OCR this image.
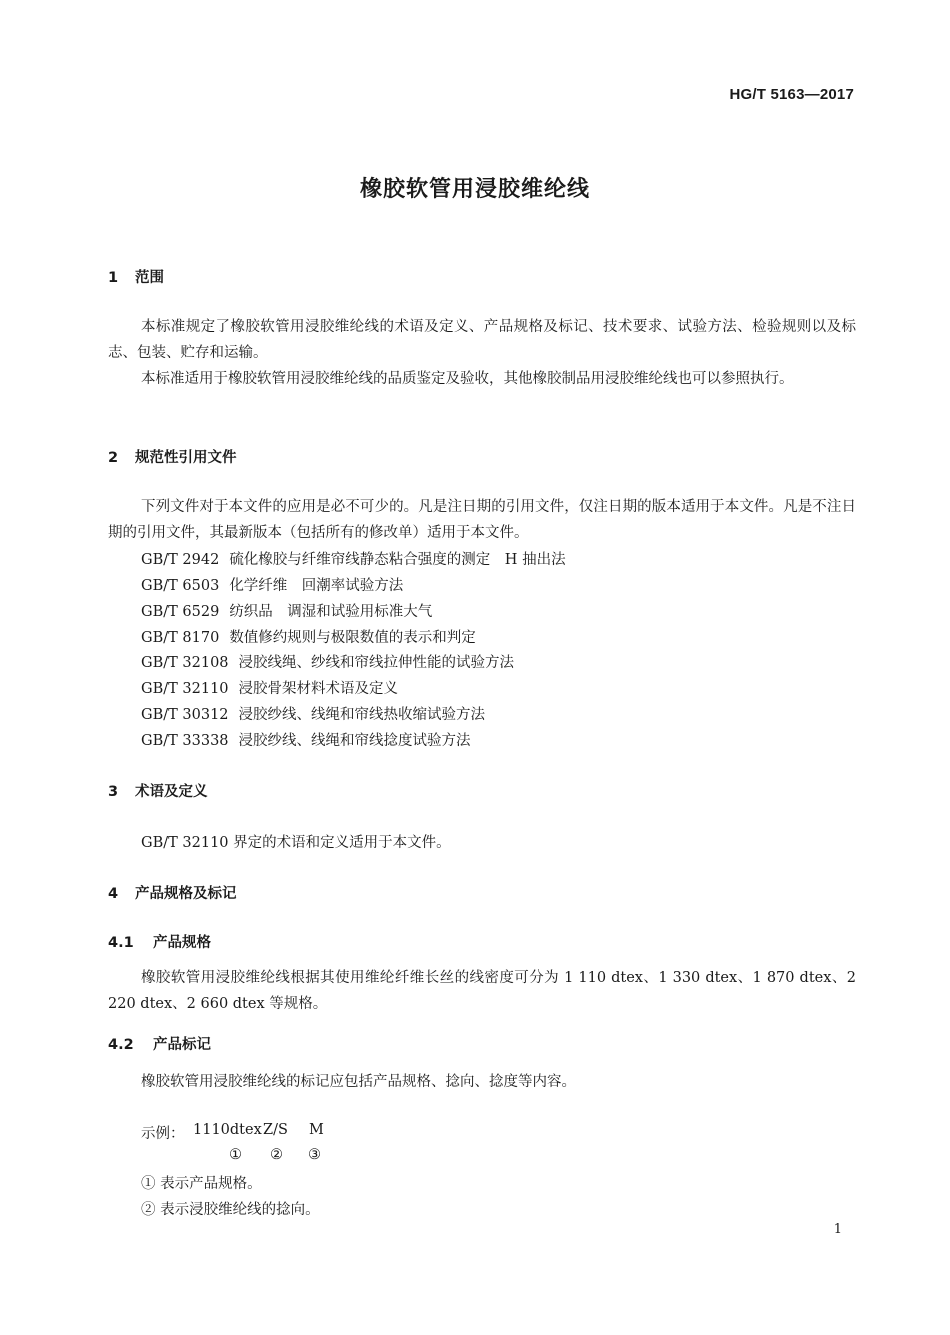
HG/T 5163—2017
橡胶软管用浸胶维纶线
1 范围
本标准规定了橡胶软管用浸胶维纶线的术语及定义、产品规格及标记、技术要求、试验方法、检验规则以及标志、包装、贮存和运输。
本标准适用于橡胶软管用浸胶维纶线的品质鉴定及验收，其他橡胶制品用浸胶维纶线也可以参照执行。
2 规范性引用文件
下列文件对于本文件的应用是必不可少的。凡是注日期的引用文件，仅注日期的版本适用于本文件。凡是不注日期的引用文件，其最新版本（包括所有的修改单）适用于本文件。
GB/T 2942 硫化橡胶与纤维帘线静态粘合强度的测定　H 抽出法
GB/T 6503 化学纤维　回潮率试验方法
GB/T 6529 纺织品　调湿和试验用标准大气
GB/T 8170 数值修约规则与极限数值的表示和判定
GB/T 32108 浸胶线绳、纱线和帘线拉伸性能的试验方法
GB/T 32110 浸胶骨架材料术语及定义
GB/T 30312 浸胶纱线、线绳和帘线热收缩试验方法
GB/T 33338 浸胶纱线、线绳和帘线捻度试验方法
3 术语及定义
GB/T 32110 界定的术语和定义适用于本文件。
4 产品规格及标记
4.1 产品规格
橡胶软管用浸胶维纶线根据其使用维纶纤维长丝的线密度可分为 1 110 dtex、1 330 dtex、1 870 dtex、2 220 dtex、2 660 dtex 等规格。
4.2 产品标记
橡胶软管用浸胶维纶线的标记应包括产品规格、捻向、捻度等内容。
示例： 1110dtex Z/S M
① ② ③
① 表示产品规格。
② 表示浸胶维纶线的捻向。
1
